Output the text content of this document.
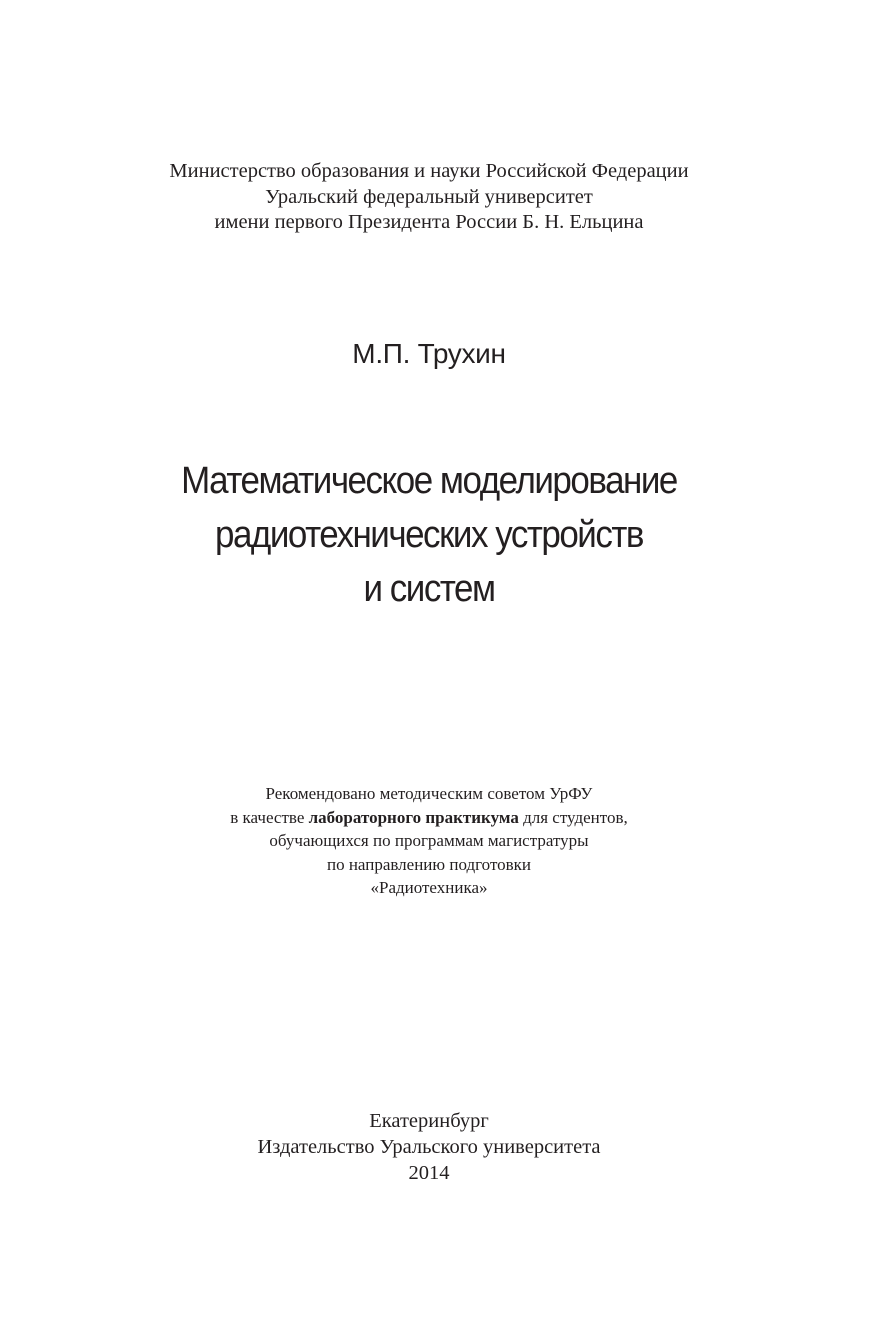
Министерство образования и науки Российской Федерации
Уральский федеральный университет
имени первого Президента России Б. Н. Ельцина
М.П. Трухин
Математическое моделирование
радиотехнических устройств
и систем
Рекомендовано методическим советом УрФУ
в качестве лабораторного практикума для студентов,
обучающихся по программам магистратуры
по направлению подготовки
«Радиотехника»
Екатеринбург
Издательство Уральского университета
2014
